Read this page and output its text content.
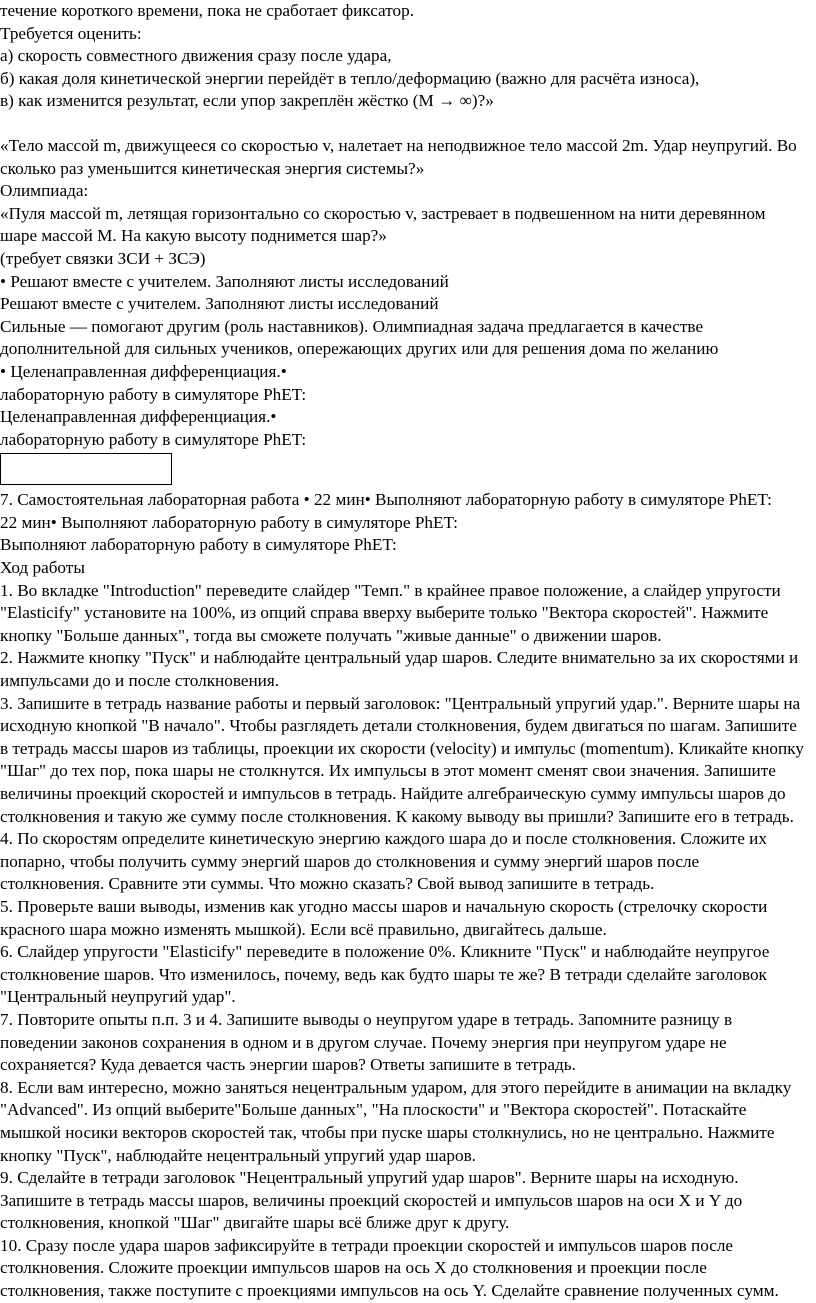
течение короткого времени, пока не сработает фиксатор.

Требуется оценить:

а) скорость совместного движения сразу после удара,

б) какая доля кинетической энергии перейдёт в тепло/деформацию (важно для расчёта износа),

в) как изменится результат, если упор закреплён жёстко (M → ∞)?»

«Тело массой m, движущееся со скоростью v, налетает на неподвижное тело массой 2m. Удар неупругий. Во сколько раз уменьшится кинетическая энергия системы?»

Олимпиада:

«Пуля массой m, летящая горизонтально со скоростью v, застревает в подвешенном на нити деревянном шаре массой M. На какую высоту поднимется шар?»

(требует связки ЗСИ + ЗСЭ)

• Решают вместе с учителем. Заполняют листы исследований

Решают вместе с учителем. Заполняют листы исследований

Сильные — помогают другим (роль наставников). Олимпиадная задача предлагается в качестве дополнительной для сильных учеников, опережающих других или для решения дома по желанию

• Целенаправленная дифференциация.•

лабораторную работу в симуляторе PhET:

Целенаправленная дифференциация.•

лабораторную работу в симуляторе PhET:

7. Самостоятельная лабораторная работа • 22 мин• Выполняют лабораторную работу в симуляторе PhET:

22 мин• Выполняют лабораторную работу в симуляторе PhET:

Выполняют лабораторную работу в симуляторе PhET:

Ход работы

1. Во вкладке "Introduction" переведите слайдер "Темп." в крайнее правое положение, а слайдер упругости "Elasticify" установите на 100%, из опций справа вверху выберите только "Вектора скоростей". Нажмите кнопку "Больше данных", тогда вы сможете получать "живые данные" о движении шаров.

2. Нажмите кнопку "Пуск" и наблюдайте центральный удар шаров. Следите внимательно за их скоростями и импульсами до и после столкновения.

3. Запишите в тетрадь название работы и первый заголовок: "Центральный упругий удар.". Верните шары на исходную кнопкой "В начало". Чтобы разглядеть детали столкновения, будем двигаться по шагам. Запишите в тетрадь массы шаров из таблицы, проекции их скорости (velocity) и импульс (momentum). Кликайте кнопку "Шаг" до тех пор, пока шары не столкнутся. Их импульсы в этот момент сменят свои значения. Запишите величины проекций скоростей и импульсов в тетрадь. Найдите алгебраическую сумму импульсы шаров до столкновения и такую же сумму после столкновения. К какому выводу вы пришли? Запишите его в тетрадь.

4. По скоростям определите кинетическую энергию каждого шара до и после столкновения. Сложите их попарно, чтобы получить сумму энергий шаров до столкновения и сумму энергий шаров после столкновения. Сравните эти суммы. Что можно сказать? Свой вывод запишите в тетрадь.

5. Проверьте ваши выводы, изменив как угодно массы шаров и начальную скорость (стрелочку скорости красного шара можно изменять мышкой). Если всё правильно, двигайтесь дальше.

6. Слайдер упругости "Elasticify" переведите в положение 0%. Кликните "Пуск" и наблюдайте неупругое столкновение шаров. Что изменилось, почему, ведь как будто шары те же? В тетради сделайте заголовок "Центральный неупругий удар".

7. Повторите опыты п.п. 3 и 4. Запишите выводы о неупругом ударе в тетрадь. Запомните разницу в поведении законов сохранения в одном и в другом случае. Почему энергия при неупругом ударе не сохраняется? Куда девается часть энергии шаров? Ответы запишите в тетрадь.

8. Если вам интересно, можно заняться нецентральным ударом, для этого перейдите в анимации на вкладку "Advanced". Из опций выберите"Больше данных", "На плоскости" и "Вектора скоростей". Потаскайте мышкой носики векторов скоростей так, чтобы при пуске шары столкнулись, но не центрально. Нажмите кнопку "Пуск", наблюдайте нецентральный упругий удар шаров.

9. Сделайте в тетради заголовок "Нецентральный упругий удар шаров". Верните шары на исходную. Запишите в тетрадь массы шаров, величины проекций скоростей и импульсов шаров на оси X и Y до столкновения, кнопкой "Шаг" двигайте шары всё ближе друг к другу.

10. Сразу после удара шаров зафиксируйте в тетради проекции скоростей и импульсов шаров после столкновения. Сложите проекции импульсов шаров на ось X до столкновения и проекции после столкновения, также поступите с проекциями импульсов на ось Y. Сделайте сравнение полученных сумм.
